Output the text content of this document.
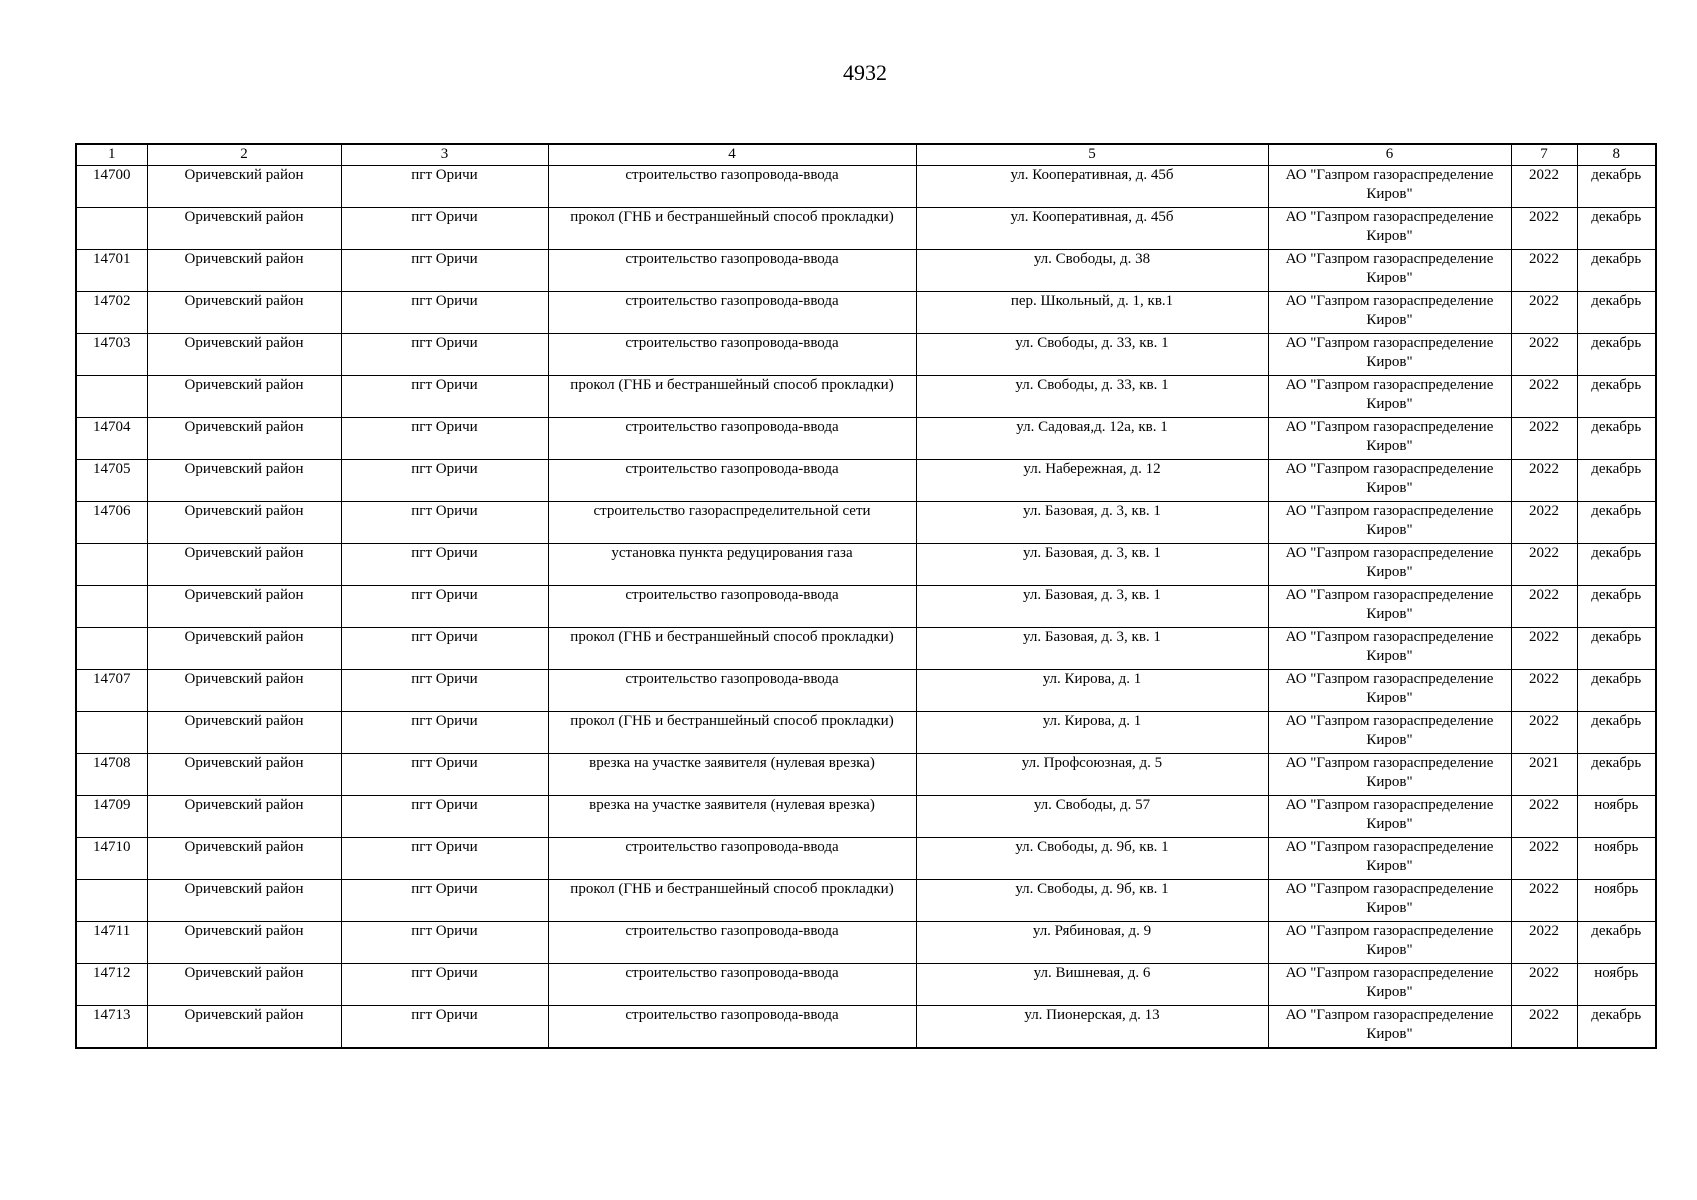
4932
1	2	3	4	5	6	7	8
14700	Оричевский район	пгт Оричи	строительство газопровода-ввода	ул. Кооперативная, д. 45б	АО "Газпром газораспределение Киров"	2022	декабрь
	Оричевский район	пгт Оричи	прокол (ГНБ и бестраншейный способ прокладки)	ул. Кооперативная, д. 45б	АО "Газпром газораспределение Киров"	2022	декабрь
14701	Оричевский район	пгт Оричи	строительство газопровода-ввода	ул. Свободы, д. 38	АО "Газпром газораспределение Киров"	2022	декабрь
14702	Оричевский район	пгт Оричи	строительство газопровода-ввода	пер. Школьный, д. 1, кв.1	АО "Газпром газораспределение Киров"	2022	декабрь
14703	Оричевский район	пгт Оричи	строительство газопровода-ввода	ул. Свободы, д. 33, кв. 1	АО "Газпром газораспределение Киров"	2022	декабрь
	Оричевский район	пгт Оричи	прокол (ГНБ и бестраншейный способ прокладки)	ул. Свободы, д. 33, кв. 1	АО "Газпром газораспределение Киров"	2022	декабрь
14704	Оричевский район	пгт Оричи	строительство газопровода-ввода	ул. Садовая,д. 12а, кв. 1	АО "Газпром газораспределение Киров"	2022	декабрь
14705	Оричевский район	пгт Оричи	строительство газопровода-ввода	ул. Набережная, д. 12	АО "Газпром газораспределение Киров"	2022	декабрь
14706	Оричевский район	пгт Оричи	строительство газораспределительной сети	ул. Базовая, д. 3, кв. 1	АО "Газпром газораспределение Киров"	2022	декабрь
	Оричевский район	пгт Оричи	установка пункта редуцирования газа	ул. Базовая, д. 3, кв. 1	АО "Газпром газораспределение Киров"	2022	декабрь
	Оричевский район	пгт Оричи	строительство газопровода-ввода	ул. Базовая, д. 3, кв. 1	АО "Газпром газораспределение Киров"	2022	декабрь
	Оричевский район	пгт Оричи	прокол (ГНБ и бестраншейный способ прокладки)	ул. Базовая, д. 3, кв. 1	АО "Газпром газораспределение Киров"	2022	декабрь
14707	Оричевский район	пгт Оричи	строительство газопровода-ввода	ул. Кирова, д. 1	АО "Газпром газораспределение Киров"	2022	декабрь
	Оричевский район	пгт Оричи	прокол (ГНБ и бестраншейный способ прокладки)	ул. Кирова, д. 1	АО "Газпром газораспределение Киров"	2022	декабрь
14708	Оричевский район	пгт Оричи	врезка на участке заявителя (нулевая врезка)	ул. Профсоюзная, д. 5	АО "Газпром газораспределение Киров"	2021	декабрь
14709	Оричевский район	пгт Оричи	врезка на участке заявителя (нулевая врезка)	ул. Свободы, д. 57	АО "Газпром газораспределение Киров"	2022	ноябрь
14710	Оричевский район	пгт Оричи	строительство газопровода-ввода	ул. Свободы, д. 9б, кв. 1	АО "Газпром газораспределение Киров"	2022	ноябрь
	Оричевский район	пгт Оричи	прокол (ГНБ и бестраншейный способ прокладки)	ул. Свободы, д. 9б, кв. 1	АО "Газпром газораспределение Киров"	2022	ноябрь
14711	Оричевский район	пгт Оричи	строительство газопровода-ввода	ул. Рябиновая, д. 9	АО "Газпром газораспределение Киров"	2022	декабрь
14712	Оричевский район	пгт Оричи	строительство газопровода-ввода	ул. Вишневая, д. 6	АО "Газпром газораспределение Киров"	2022	ноябрь
14713	Оричевский район	пгт Оричи	строительство газопровода-ввода	ул. Пионерская, д. 13	АО "Газпром газораспределение Киров"	2022	декабрь
